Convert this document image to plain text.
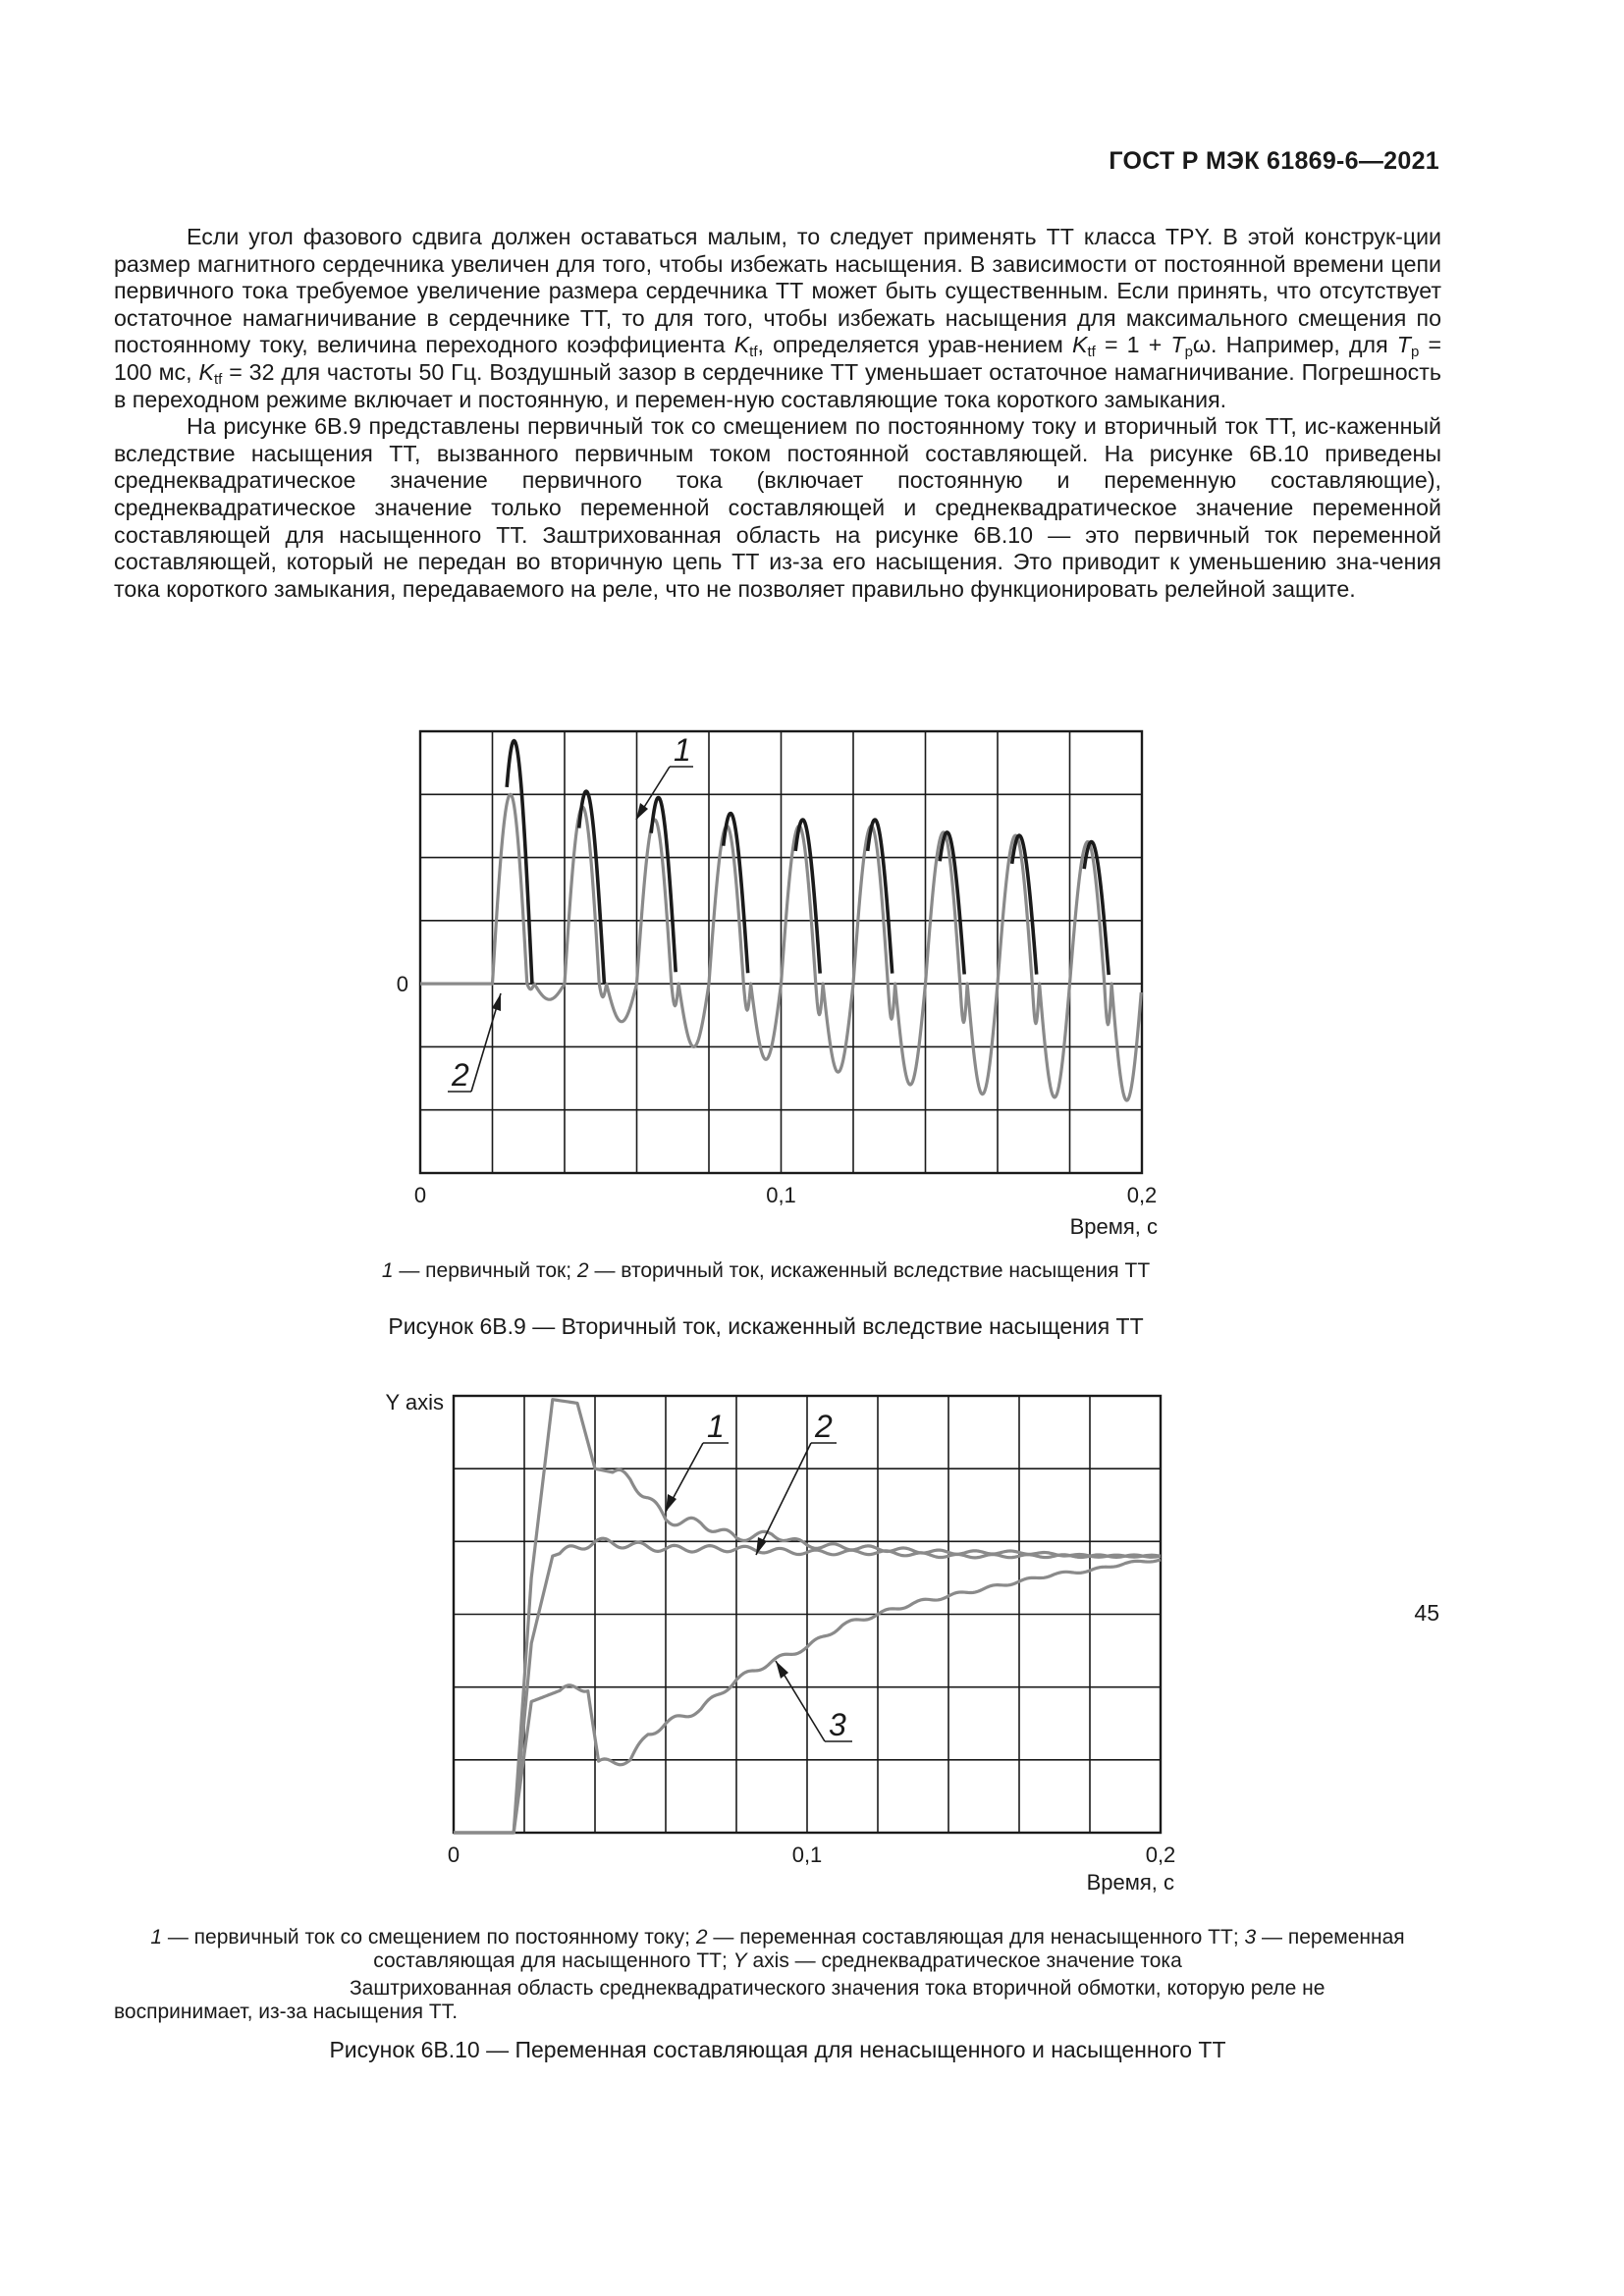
ГОСТ Р МЭК 61869-6—2021

Если угол фазового сдвига должен оставаться малым, то следует применять ТТ класса TPY. В этой конструк-ции размер магнитного сердечника увеличен для того, чтобы избежать насыщения. В зависимости от постоянной времени цепи первичного тока требуемое увеличение размера сердечника ТТ может быть существенным. Если принять, что отсутствует остаточное намагничивание в сердечнике ТТ, то для того, чтобы избежать насыщения для максимального смещения по постоянному току, величина переходного коэффициента $K_{tf}$, определяется урав-нением $K_{tf} = 1 + T_p\omega$. Например, для $T_p = 100$ мс, $K_{tf} = 32$ для частоты 50 Гц. Воздушный зазор в сердечнике ТТ уменьшает остаточное намагничивание. Погрешность в переходном режиме включает и постоянную, и перемен-ную составляющие тока короткого замыкания.

На рисунке 6B.9 представлены первичный ток со смещением по постоянному току и вторичный ток ТТ, ис-каженный вследствие насыщения ТТ, вызванного первичным током постоянной составляющей. На рисунке 6B.10 приведены среднеквадратическое значение первичного тока (включает постоянную и переменную составляющие), среднеквадратическое значение только переменной составляющей и среднеквадратическое значение переменной составляющей для насыщенного ТТ. Заштрихованная область на рисунке 6B.10 — это первичный ток переменной составляющей, который не передан во вторичную цепь ТТ из-за его насыщения. Это приводит к уменьшению зна-чения тока короткого замыкания, передаваемого на реле, что не позволяет правильно функционировать релейной защите.

0	0,1	0,2
0
Время, с
1
2
1 — первичный ток; 2 — вторичный ток, искаженный вследствие насыщения ТТ
Рисунок 6B.9 — Вторичный ток, искаженный вследствие насыщения ТТ
0	0,1	0,2
Время, с
Y axis
1	2
3
1 — первичный ток со смещением по постоянному току; 2 — переменная составляющая для ненасыщенного ТТ; 3 — переменная составляющая для насыщенного ТТ; Y axis — среднеквадратическое значение тока
Заштрихованная область среднеквадратического значения тока вторичной обмотки, которую реле не воспринимает, из-за насыщения ТТ.
Рисунок 6B.10 — Переменная составляющая для ненасыщенного и насыщенного ТТ
45
